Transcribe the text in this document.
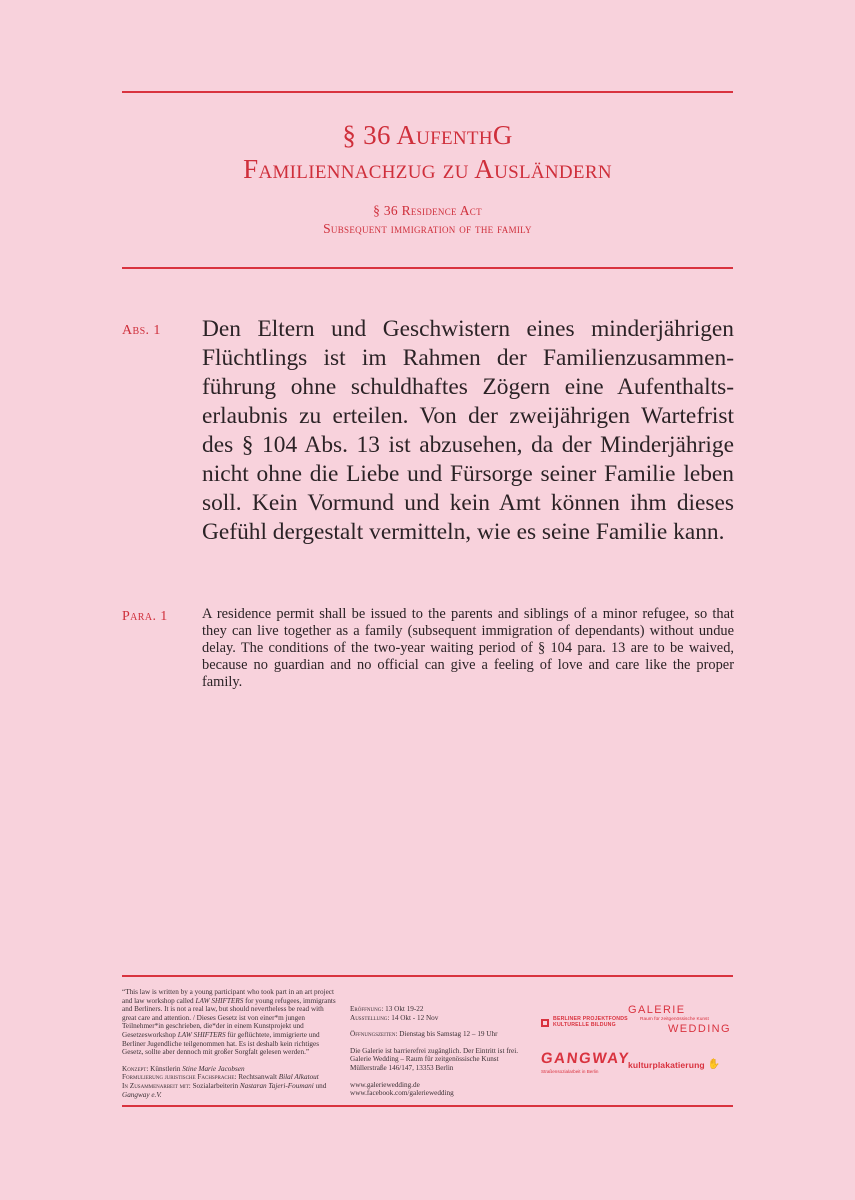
§ 36 AufenthG
Familiennachzug zu Ausländern
§ 36 Residence Act
Subsequent immigration of the family
Abs. 1 Den Eltern und Geschwistern eines minderjährigen Flüchtlings ist im Rahmen der Familienzusammenführung ohne schuldhaftes Zögern eine Aufenthaltserlaubnis zu erteilen. Von der zweijährigen Wartefrist des § 104 Abs. 13 ist abzusehen, da der Minderjährige nicht ohne die Liebe und Fürsorge seiner Familie leben soll. Kein Vormund und kein Amt können ihm dieses Gefühl dergestalt vermitteln, wie es seine Familie kann.
Para. 1 A residence permit shall be issued to the parents and siblings of a minor refugee, so that they can live together as a family (subsequent immigration of dependants) without undue delay. The conditions of the two-year waiting period of § 104 para. 13 are to be waived, because no guardian and no official can give a feeling of love and care like the proper family.

“This law is written by a young participant who took part in an art project and law workshop called LAW SHIFTERS for young refugees, immigrants and Berliners. It is not a real law, but should nevertheless be read with great care and attention. / Dieses Gesetz ist von einer*m jungen Teilnehmer*in geschrieben, die*der in einem Kunstprojekt und Gesetzesworkshop LAW SHIFTERS für geflüchtete, immigrierte und Berliner Jugendliche teilgenommen hat. Es ist deshalb kein richtiges Gesetz, sollte aber dennoch mit großer Sorgfalt gelesen werden.”

Konzept: Künstlerin Stine Marie Jacobsen
Formulierung juristische Fachsprache: Rechtsanwalt Bilal Alkatout
In Zusammenarbeit mit: Sozialarbeiterin Nastaran Tajeri-Foumani und Gangway e.V.

Eröffnung: 13 Okt 19-22
Ausstellung: 14 Okt - 12 Nov

Öffnungszeiten: Dienstag bis Samstag 12 – 19 Uhr

Die Galerie ist barrierefrei zugänglich. Der Eintritt ist frei.
Galerie Wedding – Raum für zeitgenössische Kunst
Müllerstraße 146/147, 13353 Berlin

www.galeriewedding.de
www.facebook.com/galeriewedding

BERLINER PROJEKTFONDS
KULTURELLE BILDUNG
GALERIE
Raum für zeitgenössische Kunst
WEDDING
GANGWAY
Straßensozialarbeit in Berlin
kulturplakatierung ✋
